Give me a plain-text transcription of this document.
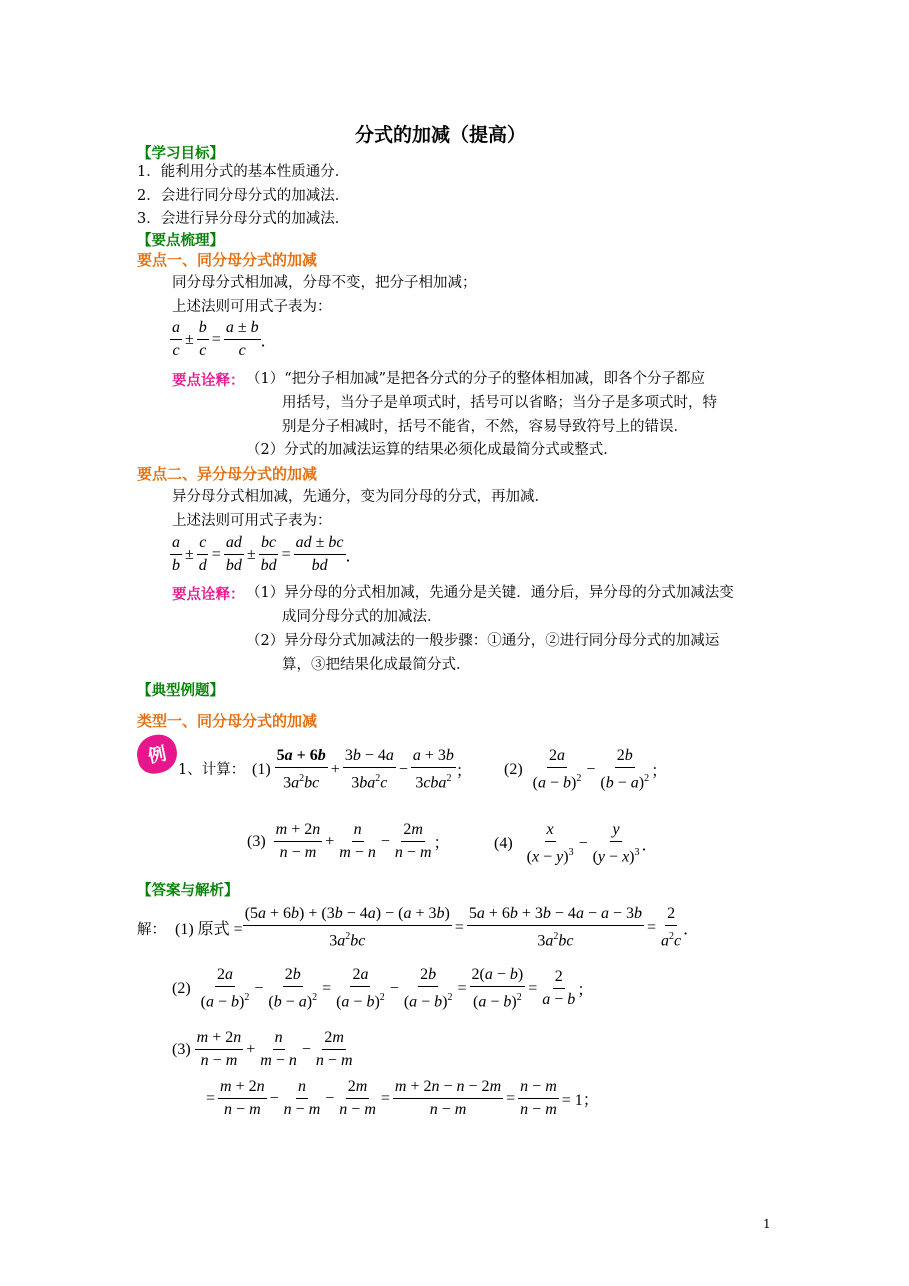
分式的加减（提高）
【学习目标】
1．能利用分式的基本性质通分．
2．会进行同分母分式的加减法．
3．会进行异分母分式的加减法．
【要点梳理】
要点一、同分母分式的加减
同分母分式相加减，分母不变，把分子相加减；
上述法则可用式子表为：
$\frac{a}{c} \pm \frac{b}{c} = \frac{a \pm b}{c}$ ．
要点诠释： （1）“把分子相加减”是把各分式的分子的整体相加减，即各个分子都应
用括号，当分子是单项式时，括号可以省略；当分子是多项式时，特
别是分子相减时，括号不能省，不然，容易导致符号上的错误．
（2）分式的加减法运算的结果必须化成最简分式或整式．
要点二、异分母分式的加减
异分母分式相加减，先通分，变为同分母的分式，再加减．
上述法则可用式子表为：
$\frac{a}{b} \pm \frac{c}{d} = \frac{ad}{bd} \pm \frac{bc}{bd} = \frac{ad \pm bc}{bd}$ ．
要点诠释： （1）异分母的分式相加减，先通分是关键．通分后，异分母的分式加减法变
成同分母分式的加减法．
（2）异分母分式加减法的一般步骤：①通分，②进行同分母分式的加减运
算，③把结果化成最简分式．
【典型例题】
类型一、同分母分式的加减
例
1、计算： (1)
$\frac{5a + 6b}{3a^2bc} + \frac{3b - 4a}{3ba^2c} - \frac{a + 3b}{3cba^2}$ ； (2)
$\frac{2a}{(a - b)^2} - \frac{2b}{(b - a)^2}$ ；
(3)
$\frac{m + 2n}{n - m} + \frac{n}{m - n} - \frac{2m}{n - m}$ ；	(4)
$\frac{x}{(x - y)^3} - \frac{y}{(y - x)^3}$ ．
【答案与解析】
解： (1) 原式 = $\frac{(5a + 6b) + (3b - 4a) - (a + 3b)}{3a^2bc} = \frac{5a + 6b + 3b - 4a - a - 3b}{3a^2bc} = \frac{2}{a^2c}$ ．
(2)
$\frac{2a}{(a - b)^2} - \frac{2b}{(b - a)^2} = \frac{2a}{(a - b)^2} - \frac{2b}{(a - b)^2} = \frac{2(a - b)}{(a - b)^2} = \frac{2}{a - b}$ ；
(3)
$\frac{m + 2n}{n - m} + \frac{n}{m - n} - \frac{2m}{n - m}$
= $\frac{m + 2n}{n - m} - \frac{n}{n - m} - \frac{2m}{n - m} = \frac{m + 2n - n - 2m}{n - m} = \frac{n - m}{n - m} = 1$；
1
